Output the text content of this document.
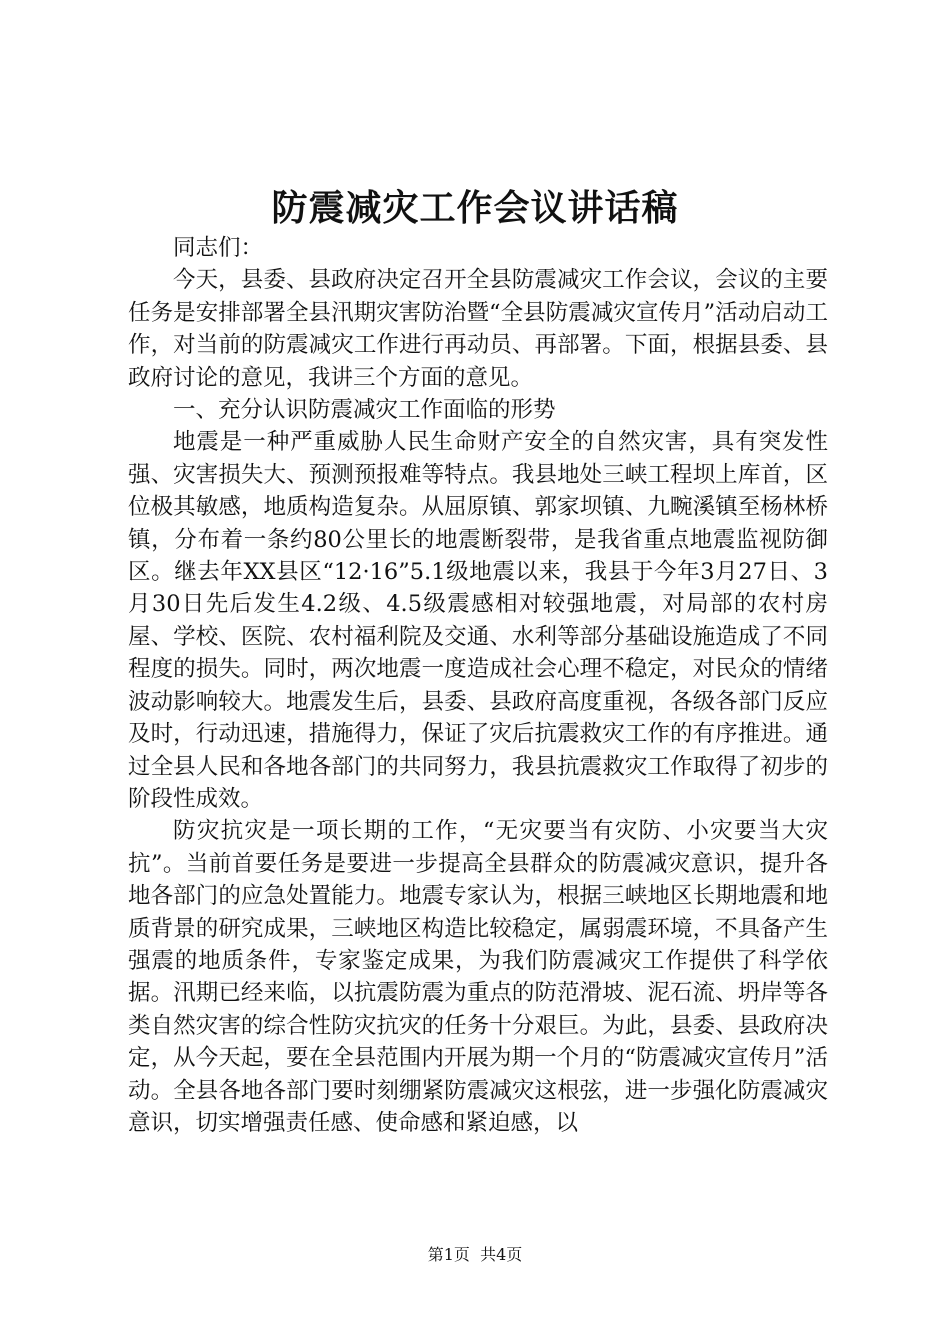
防震减灾工作会议讲话稿

同志们：

今天，县委、县政府决定召开全县防震减灾工作会议，会议的主要任务是安排部署全县汛期灾害防治暨“全县防震减灾宣传月”活动启动工作，对当前的防震减灾工作进行再动员、再部署。下面，根据县委、县政府讨论的意见，我讲三个方面的意见。

一、充分认识防震减灾工作面临的形势

地震是一种严重威胁人民生命财产安全的自然灾害，具有突发性强、灾害损失大、预测预报难等特点。我县地处三峡工程坝上库首，区位极其敏感，地质构造复杂。从屈原镇、郭家坝镇、九畹溪镇至杨林桥镇，分布着一条约80公里长的地震断裂带，是我省重点地震监视防御区。继去年XX县区“12·16”5.1级地震以来，我县于今年3月27日、3月30日先后发生4.2级、4.5级震感相对较强地震，对局部的农村房屋、学校、医院、农村福利院及交通、水利等部分基础设施造成了不同程度的损失。同时，两次地震一度造成社会心理不稳定，对民众的情绪波动影响较大。地震发生后，县委、县政府高度重视，各级各部门反应及时，行动迅速，措施得力，保证了灾后抗震救灾工作的有序推进。通过全县人民和各地各部门的共同努力，我县抗震救灾工作取得了初步的阶段性成效。

防灾抗灾是一项长期的工作，“无灾要当有灾防、小灾要当大灾抗”。当前首要任务是要进一步提高全县群众的防震减灾意识，提升各地各部门的应急处置能力。地震专家认为，根据三峡地区长期地震和地质背景的研究成果，三峡地区构造比较稳定，属弱震环境，不具备产生强震的地质条件，专家鉴定成果，为我们防震减灾工作提供了科学依据。汛期已经来临，以抗震防震为重点的防范滑坡、泥石流、坍岸等各类自然灾害的综合性防灾抗灾的任务十分艰巨。为此，县委、县政府决定，从今天起，要在全县范围内开展为期一个月的“防震减灾宣传月”活动。全县各地各部门要时刻绷紧防震减灾这根弦，进一步强化防震减灾意识，切实增强责任感、使命感和紧迫感，以

第1页 共4页
